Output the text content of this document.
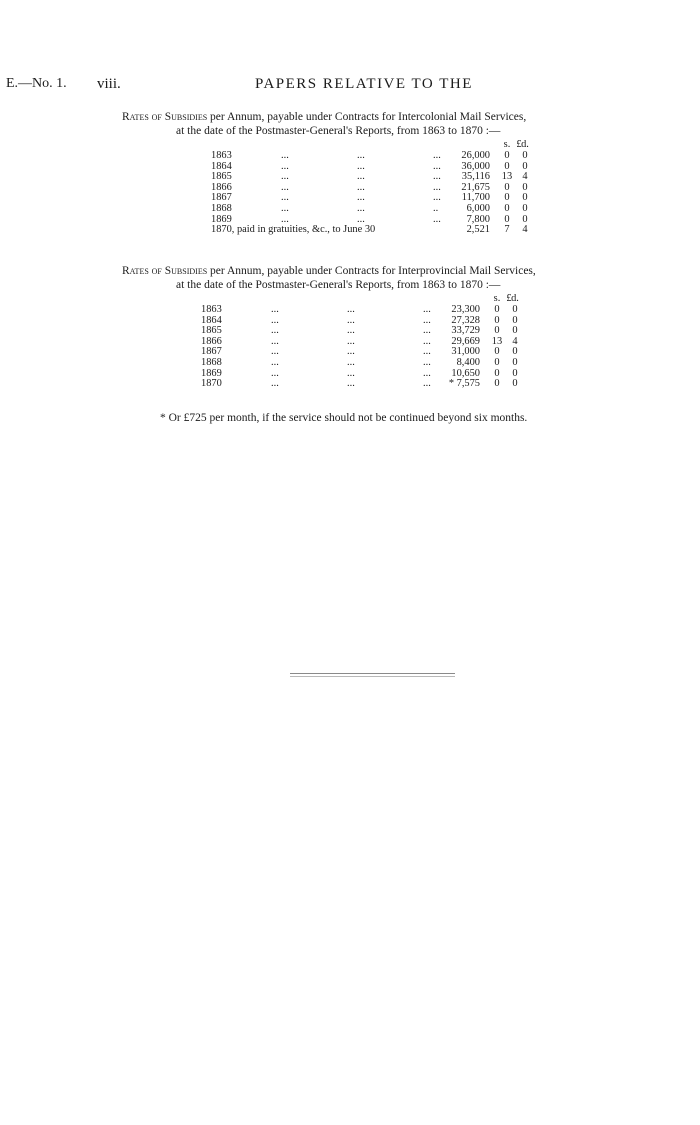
E.—No. 1. viii.	PAPERS RELATIVE TO THE
Rates of Subsidies per Annum, payable under Contracts for Intercolonial Mail Services,
at the date of the Postmaster-General's Reports, from 1863 to 1870 :—
£
s. d.
1863	...	...	...	26,000	0	0
1864	...	...	...	36,000	0	0
1865	...	...	...	35,116 13 4
1866	...	...	...	21,675	0	0
1867	...	...	...	11,700	0	0
1868	...	...	..	6,000	0	0
1869	...	...	...	7,800	0	0
1870, paid in gratuities, &c., to June 30	2,521	7	4
Rates of Subsidies per Annum, payable under Contracts for Interprovincial Mail Services,
at the date of the Postmaster-General's Reports, from 1863 to 1870 :—
£
s. d.
1863	...	...	...	23,300	0	0
1864	...	...	...	27,328	0	0
1865	...	...	...	33,729	0	0
1866	...	...	...	29,669 13 4
1867	...	...	...	31,000	0	0
1868	...	...	...	8,400	0	0
1869	...	...	...	10,650	0	0
1870	...	...	...	* 7,575	0	0
* Or £725 per month, if the service should not be continued beyond six months.
